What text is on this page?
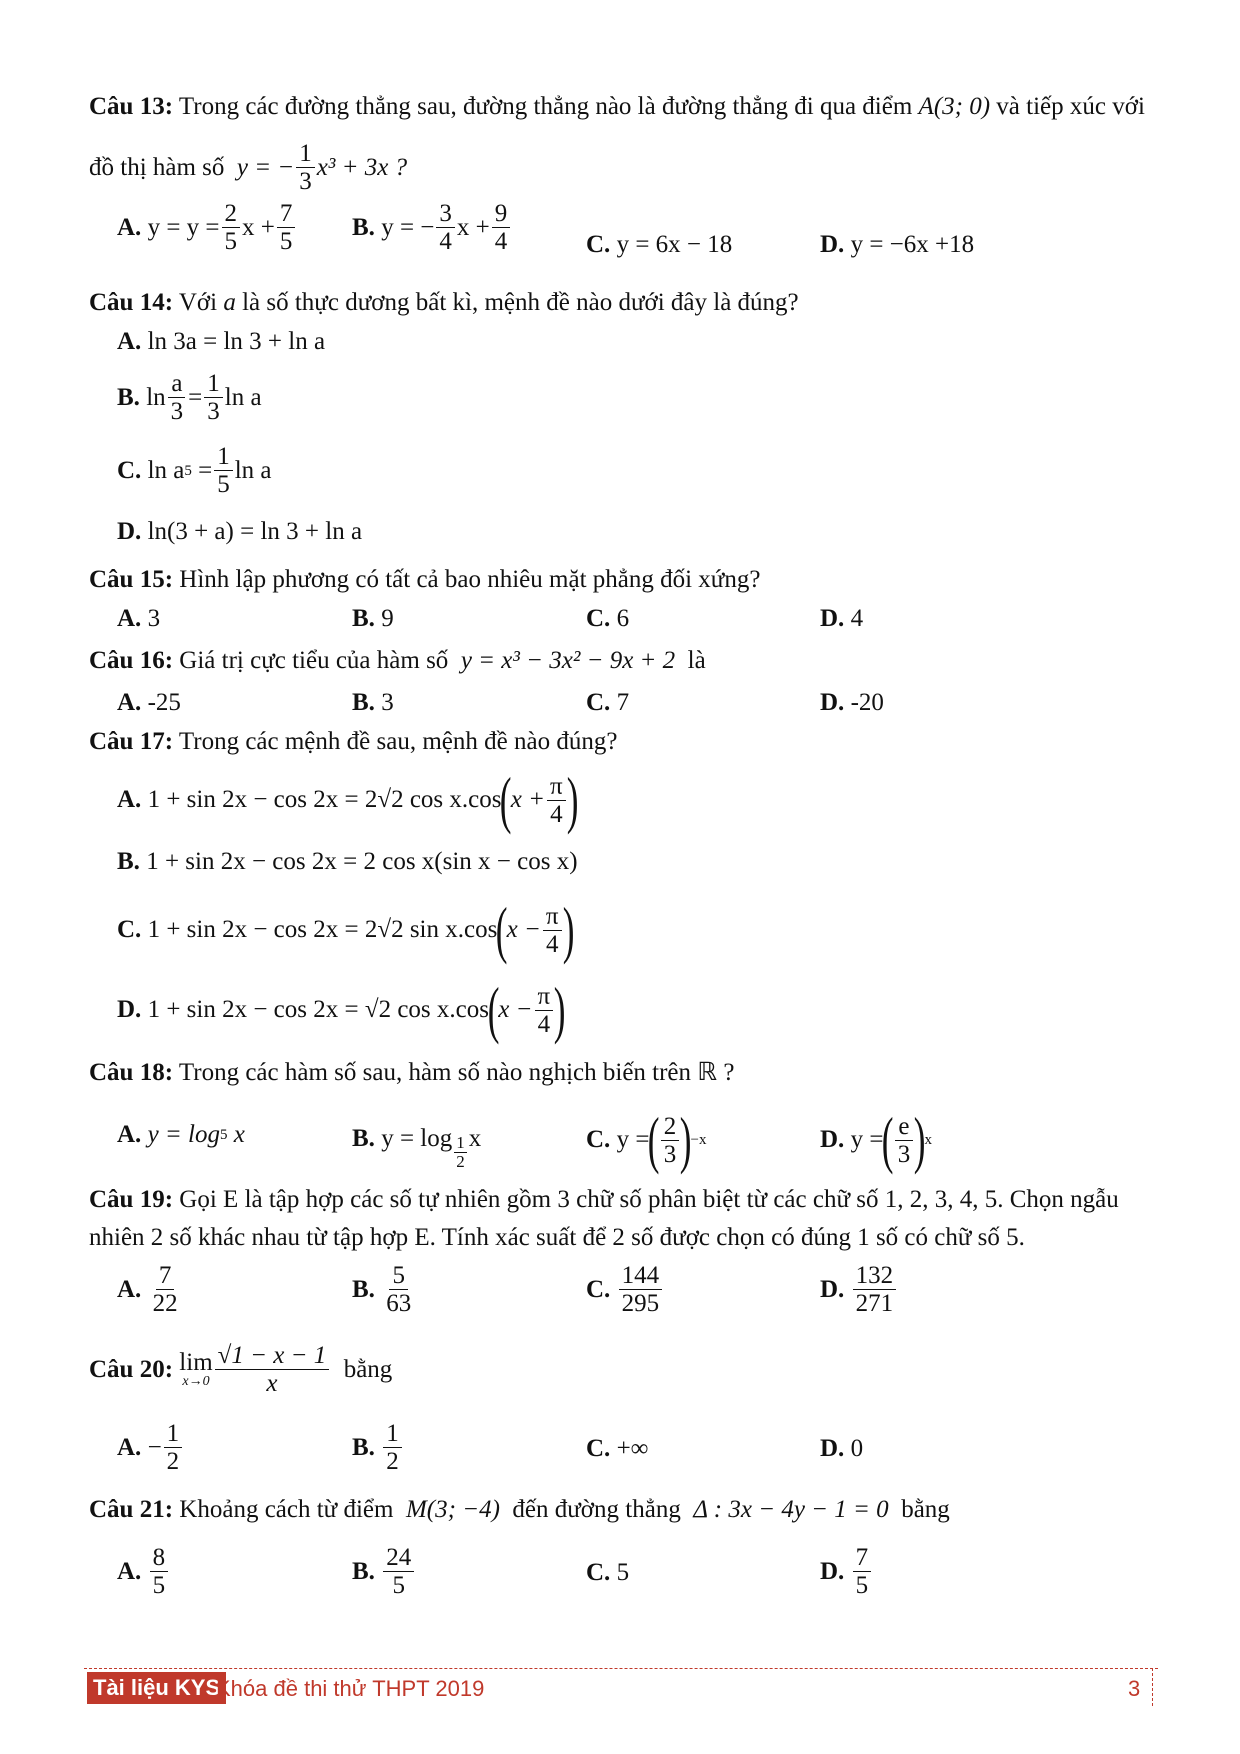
Câu 13: Trong các đường thẳng sau, đường thẳng nào là đường thẳng đi qua điểm A(3; 0) và tiếp xúc với
đồ thị hàm số
y = − $\frac{1}{3} x^3 + 3x$ ?
A.
$y = y = \frac{2}{5}$ $x + \frac{7}{5} B$.
y = − $\frac{3}{4}$ $x + \frac{9}{4}$	C.
y = 6x − 18	D.
y = −6x +18
Câu 14: Với a là số thực dương bất kì, mệnh đề nào dưới đây là đúng?
A.
ln 3a = ln 3 + ln a
B.
$\ln \frac{a}{3} = \frac{1}{3}$ ln a
C.
ln a 5
= $\frac{1}{5}$ ln a
D.
ln(3 + a) = ln 3 + ln a
Câu 15: Hình lập phương có tất cả bao nhiêu mặt phẳng đối xứng?
A.
3	B.
9	C.
6	D.
4
Câu 16: Giá trị cực tiểu của hàm số y = x³ − 3x² − 9x + 2 là
A.
-25	B.
3	C.
7	D.
-20
Câu 17: Trong các mệnh đề sau, mệnh đề nào đúng?
A.
1 + sin 2x − cos 2x = 2√2 cos x.cos
(
$x + \frac{\pi}{4}$ )
B.
1 + sin 2x − cos 2x = 2 cos x(sin x − cos x)
C.
1 + sin 2x − cos 2x = 2√2 sin x.cos
(
$x - \frac{\pi}{4}$ )
D.
1 + sin 2x − cos 2x = √2 cos x.cos
(
$x - \frac{\pi}{4}$ )
Câu 18: Trong các hàm số sau, hàm số nào nghịch biến trên ℝ ?
A.
y = log 5
x	B.
$y = \log \frac{1}{2}$ x	C.
y =
( $\frac{2}{3}$ )
−x	D.
y =
( $\frac{e}{3}$ )
x
Câu 19: Gọi E là tập hợp các số tự nhiên gồm 3 chữ số phân biệt từ các chữ số 1, 2, 3, 4, 5. Chọn ngẫu
nhiên 2 số khác nhau từ tập hợp E. Tính xác suất để 2 số được chọn có đúng 1 số có chữ số 5.
A.
$\frac{7}{22}$	B.
$\frac{5}{63}$	C.
$\frac{144}{295}$	D.
$\frac{132}{271}$
Câu 20:
lim
$x\to 0 \frac{√1 - x - 1}{x}$
bằng
A.
− $\frac{1}{2}$	B.
$\frac{1}{2}$	C.
+∞	D.
0
Câu 21: Khoảng cách từ điểm M(3; −4) đến đường thẳng Δ : 3x − 4y − 1 = 0 bằng
A.
$\frac{8}{5}$	B.
$\frac{24}{5}$	C.
5	D.
$\frac{7}{5}$
Tài liệu KYS
Khóa đề thi thử THPT 2019	3
